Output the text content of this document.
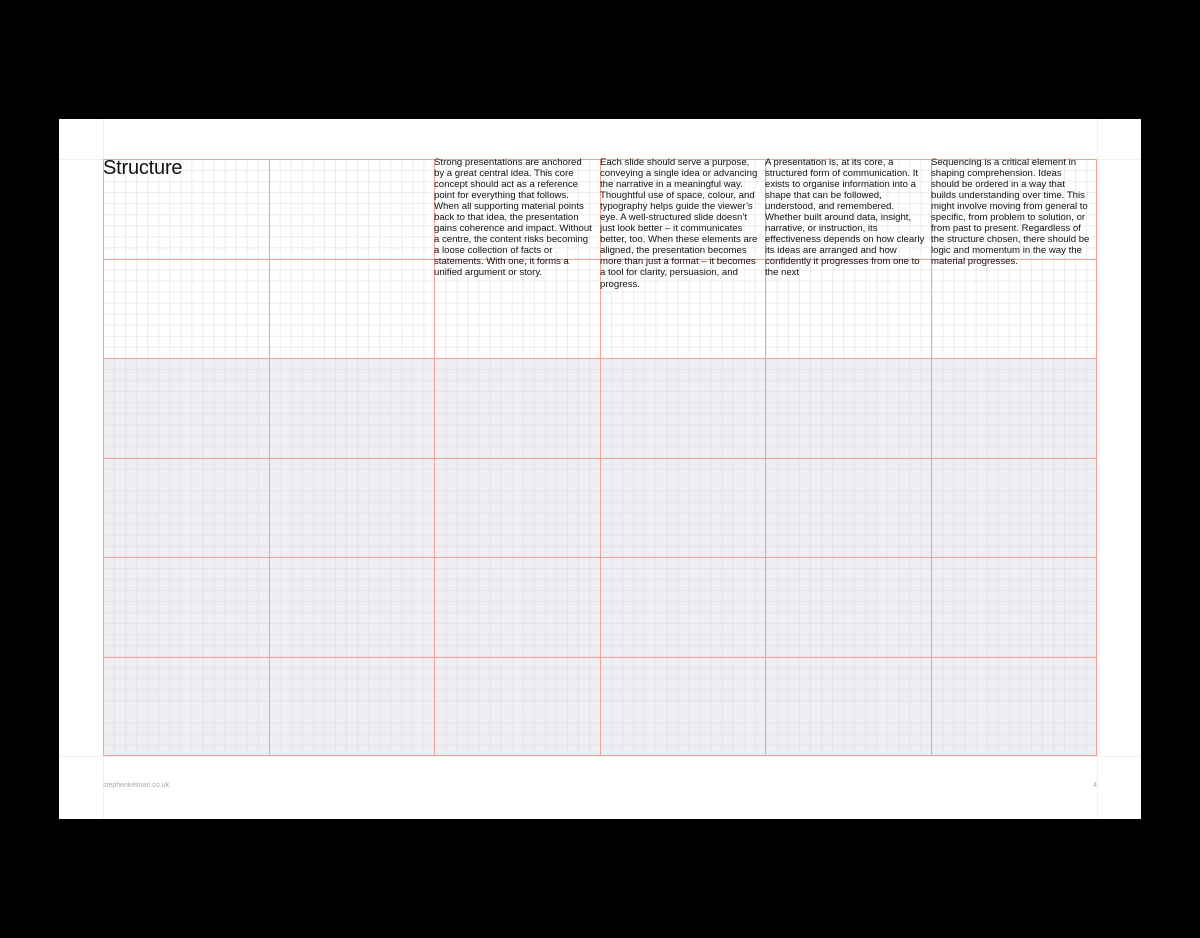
Structure	Strong presentations are anchored by a great central idea. This core concept should act as a reference point for everything that follows. When all supporting material points back to that idea, the presentation gains coherence and impact. Without a centre, the content risks becoming a loose collection of facts or statements. With one, it forms a unified argument or story.

Each slide should serve a purpose, conveying a single idea or advancing the narrative in a meaningful way. Thoughtful use of space, colour, and typography helps guide the viewer’s eye. A well-structured slide doesn’t just look better – it communicates better, too. When these elements are aligned, the presentation becomes more than just a format – it becomes a tool for clarity, persuasion, and progress.

A presentation is, at its core, a structured form of communication. It exists to organise information into a shape that can be followed, understood, and remembered. Whether built around data, insight, narrative, or instruction, its effectiveness depends on how clearly its ideas are arranged and how confidently it progresses from one to the next

Sequencing is a critical element in shaping comprehension. Ideas should be ordered in a way that builds understanding over time. This might involve moving from general to specific, from problem to solution, or from past to present. Regardless of the structure chosen, there should be logic and momentum in the way the material progresses.

stephenkelman.co.uk	4
